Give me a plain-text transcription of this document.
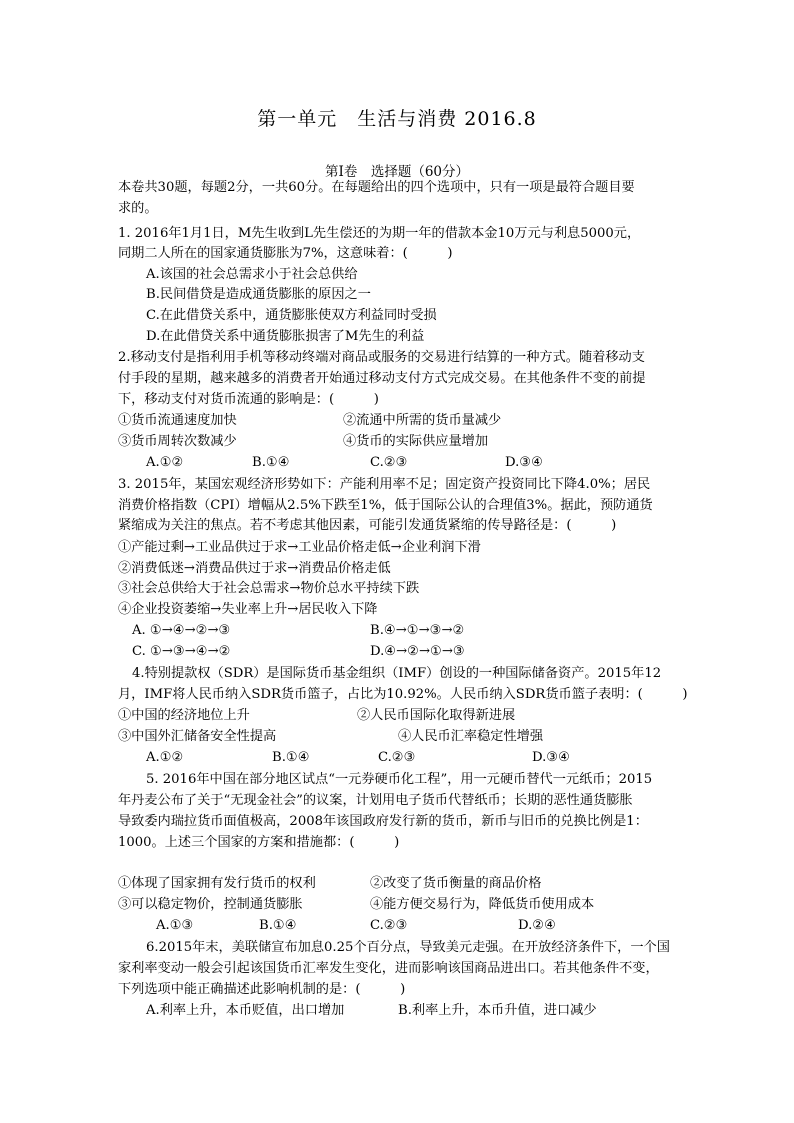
第一单元　生活与消费 2016.8
第Ⅰ卷　选择题（60分）
本卷共30题，每题2分，一共60分。在每题给出的四个选项中，只有一项是最符合题目要
求的。
1. 2016年1月1日，M先生收到L先生偿还的为期一年的借款本金10万元与利息5000元，
同期二人所在的国家通货膨胀为7%，这意味着：(　　　)
A.该国的社会总需求小于社会总供给
B.民间借贷是造成通货膨胀的原因之一
C.在此借贷关系中，通货膨胀使双方利益同时受损
D.在此借贷关系中通货膨胀损害了M先生的利益
2.移动支付是指利用手机等移动终端对商品或服务的交易进行结算的一种方式。随着移动支
付手段的星期，越来越多的消费者开始通过移动支付方式完成交易。在其他条件不变的前提
下，移动支付对货币流通的影响是：(　　　)
①货币流通速度加快	②流通中所需的货币量减少
③货币周转次数减少	④货币的实际供应量增加
A.①②	B.①④	C.②③	D.③④
3. 2015年，某国宏观经济形势如下：产能利用率不足；固定资产投资同比下降4.0%；居民
消费价格指数（CPI）增幅从2.5%下跌至1%，低于国际公认的合理值3%。据此，预防通货
紧缩成为关注的焦点。若不考虑其他因素，可能引发通货紧缩的传导路径是：(　　　)
①产能过剩→工业品供过于求→工业品价格走低→企业利润下滑
②消费低迷→消费品供过于求→消费品价格走低
③社会总供给大于社会总需求→物价总水平持续下跌
④企业投资萎缩→失业率上升→居民收入下降
A. ①→④→②→③	B.④→①→③→②
C. ①→③→④→②	D.④→②→①→③
4.特别提款权（SDR）是国际货币基金组织（IMF）创设的一种国际储备资产。2015年12
月，IMF将人民币纳入SDR货币篮子，占比为10.92%。人民币纳入SDR货币篮子表明：(　　　)
①中国的经济地位上升	②人民币国际化取得新进展
③中国外汇储备安全性提高	④人民币汇率稳定性增强
A.①②	B.①④	C.②③	D.③④
5. 2016年中国在部分地区试点“一元券硬币化工程”，用一元硬币替代一元纸币；2015
年丹麦公布了关于“无现金社会”的议案，计划用电子货币代替纸币；长期的恶性通货膨胀
导致委内瑞拉货币面值极高，2008年该国政府发行新的货币，新币与旧币的兑换比例是1：
1000。上述三个国家的方案和措施都：(　　　)
①体现了国家拥有发行货币的权利	②改变了货币衡量的商品价格
③可以稳定物价，控制通货膨胀	④能方便交易行为，降低货币使用成本
A.①③	B.①④	C.②③	D.②④
6.2015年末，美联储宣布加息0.25个百分点，导致美元走强。在开放经济条件下，一个国
家利率变动一般会引起该国货币汇率发生变化，进而影响该国商品进出口。若其他条件不变，
下列选项中能正确描述此影响机制的是：(　　　)
A.利率上升，本币贬值，出口增加	B.利率上升，本币升值，进口减少
